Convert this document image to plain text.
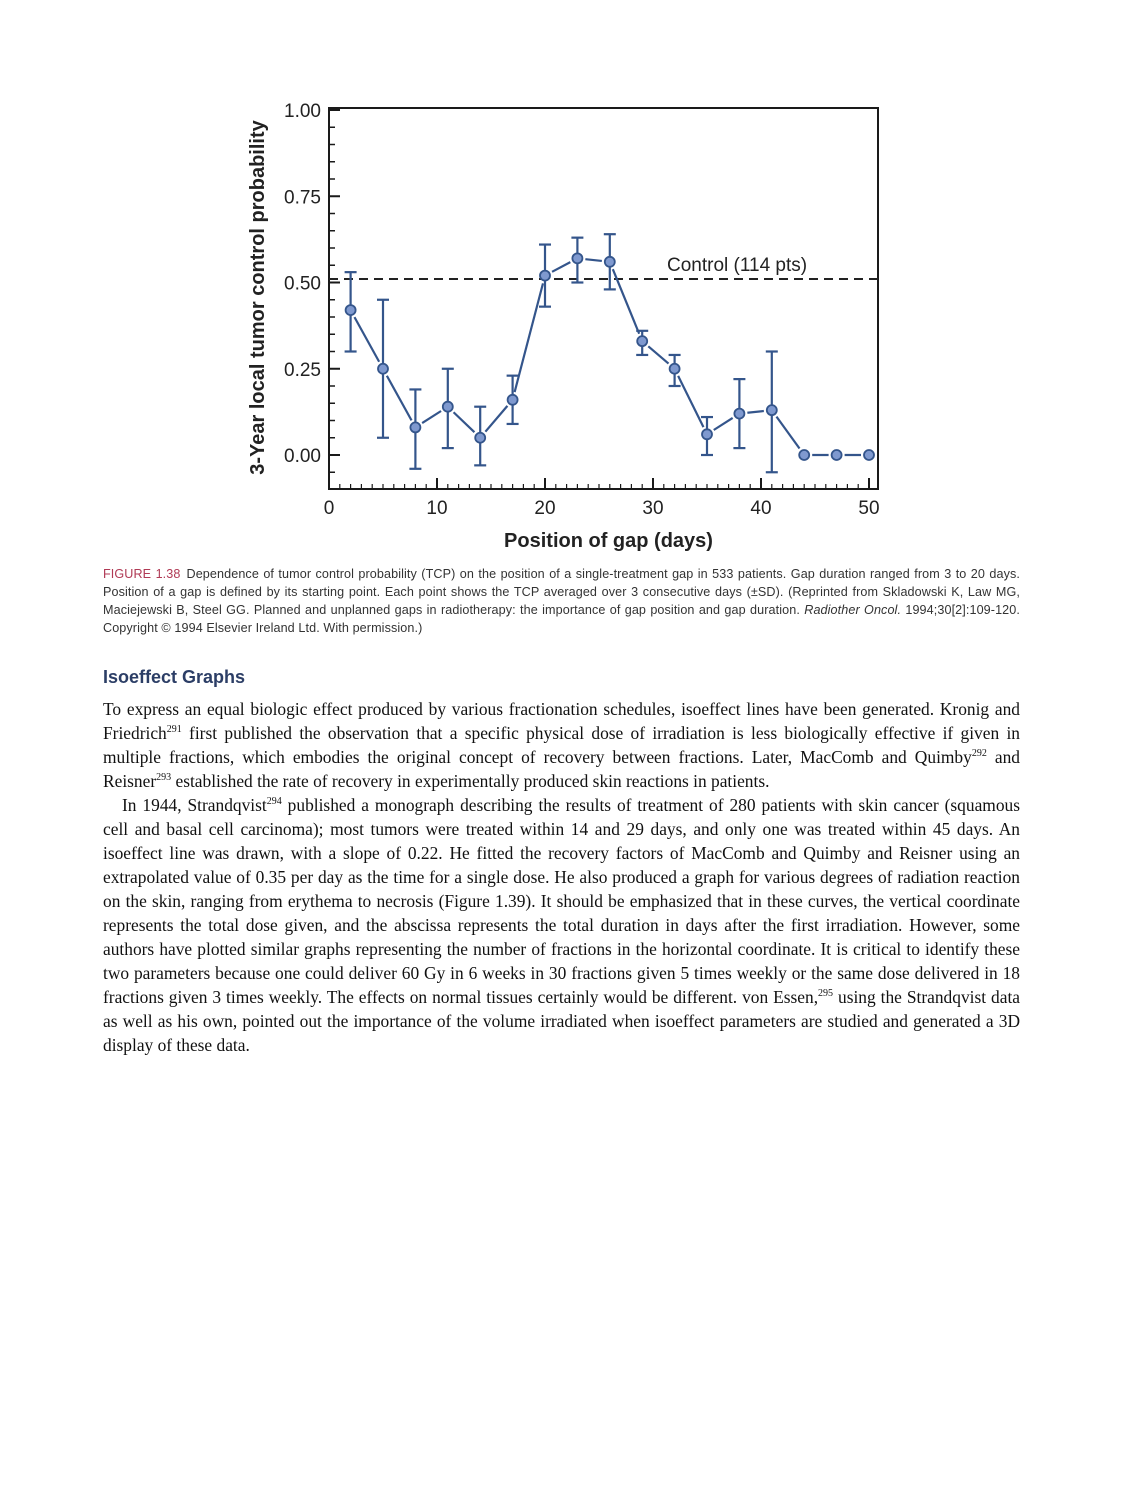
0.00
0.25
0.50
0.75
1.00
0	10	20	30	40	50
Position of gap (days)
3-Year local tumor control probability	Control (114 pts)
FIGURE 1.38 Dependence of tumor control probability (TCP) on the position of a single-treatment gap in 533 patients. Gap duration ranged from 3 to 20 days. Position of a gap is defined by its starting point. Each point shows the TCP averaged over 3 consecutive days (±SD). (Reprinted from Skladowski K, Law MG, Maciejewski B, Steel GG. Planned and unplanned gaps in radiotherapy: the importance of gap position and gap duration. Radiother Oncol. 1994;30[2]:109-120. Copyright © 1994 Elsevier Ireland Ltd. With permission.)
Isoeffect Graphs

To express an equal biologic effect produced by various fractionation schedules, isoeffect lines have been generated. Kronig and Friedrich$^{291}$ first published the observation that a specific physical dose of irradiation is less biologically effective if given in multiple fractions, which embodies the original concept of recovery between fractions. Later, MacComb and Quimby$^{292}$ and Reisner$^{293}$ established the rate of recovery in experimentally produced skin reactions in patients.

In 1944, Strandqvist$^{294}$ published a monograph describing the results of treatment of 280 patients with skin cancer (squamous cell and basal cell carcinoma); most tumors were treated within 14 and 29 days, and only one was treated within 45 days. An isoeffect line was drawn, with a slope of 0.22. He fitted the recovery factors of MacComb and Quimby and Reisner using an extrapolated value of 0.35 per day as the time for a single dose. He also produced a graph for various degrees of radiation reaction on the skin, ranging from erythema to necrosis (Figure 1.39). It should be emphasized that in these curves, the vertical coordinate represents the total dose given, and the abscissa represents the total duration in days after the first irradiation. However, some authors have plotted similar graphs representing the number of fractions in the horizontal coordinate. It is critical to identify these two parameters because one could deliver 60 Gy in 6 weeks in 30 fractions given 5 times weekly or the same dose delivered in 18 fractions given 3 times weekly. The effects on normal tissues certainly would be different. von Essen,$^{295}$ using the Strandqvist data as well as his own, pointed out the importance of the volume irradiated when isoeffect parameters are studied and generated a 3D display of these data.
